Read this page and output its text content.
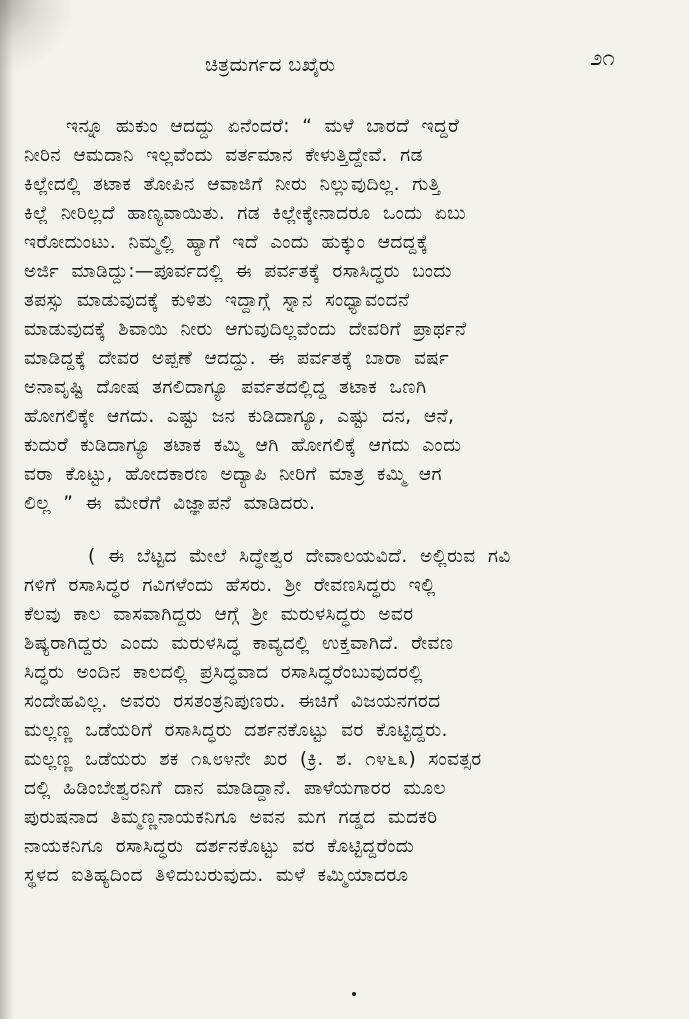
ಚಿತ್ರದುರ್ಗದ ಬಖೈರು	೨೧
ಇನ್ನೂ ಹುಕುಂ ಆದದ್ದು ಏನೆಂದರೆ: “ ಮಳೆ ಬಾರದೆ ಇದ್ದರೆ
ನೀರಿನ ಆಮದಾನಿ ಇಲ್ಲವೆಂದು ವರ್ತಮಾನ ಕೇಳುತ್ತಿದ್ದೇವೆ. ಗಡ
ಕಿಲ್ಲೇದಲ್ಲಿ ತಟಾಕ ತೋಪಿನ ಆವಾಜಿಗೆ ನೀರು ನಿಲ್ಲುವುದಿಲ್ಲ. ಗುತ್ತಿ
ಕಿಲ್ಲೆ ನೀರಿಲ್ಲದೆ ಹಾಣ್ಯವಾಯಿತು. ಗಡ ಕಿಲ್ಲೇಕ್ಕೇನಾದರೂ ಒಂದು ಏಬು
ಇರೋದುಂಟು. ನಿಮ್ಮಲ್ಲಿ ಹ್ಯಾಗೆ ಇದೆ ಎಂದು ಹುಕ್ಕುಂ ಆದದ್ದಕ್ಕೆ
ಅರ್ಜಿ ಮಾಡಿದ್ದು:—ಪೂರ್ವದಲ್ಲಿ ಈ ಪರ್ವತಕ್ಕೆ ರಸಾಸಿದ್ಧರು ಬಂದು
ತಪಸ್ಸು ಮಾಡುವುದಕ್ಕೆ ಕುಳಿತು ಇದ್ದಾಗ್ಗೆ ಸ್ನಾನ ಸಂಧ್ಯಾವಂದನೆ
ಮಾಡುವುದಕ್ಕೆ ಶಿವಾಯಿ ನೀರು ಆಗುವುದಿಲ್ಲವೆಂದು ದೇವರಿಗೆ ಪ್ರಾರ್ಥನೆ
ಮಾಡಿದ್ದಕ್ಕೆ ದೇವರ ಅಪ್ಪಣೆ ಆದದ್ದು. ಈ ಪರ್ವತಕ್ಕೆ ಬಾರಾ ವರ್ಷ
ಅನಾವೃಷ್ಟಿ ದೋಷ ತಗಲಿದಾಗ್ಯೂ ಪರ್ವತದಲ್ಲಿದ್ದ ತಟಾಕ ಒಣಗಿ
ಹೋಗಲಿಕ್ಕೇ ಆಗದು. ಎಷ್ಟು ಜನ ಕುಡಿದಾಗ್ಯೂ, ಎಷ್ಟು ದನ, ಆನೆ,
ಕುದುರೆ ಕುಡಿದಾಗ್ಯೂ ತಟಾಕ ಕಮ್ಮಿ ಆಗಿ ಹೋಗಲಿಕ್ಕೆ ಆಗದು ಎಂದು
ವರಾ ಕೊಟ್ಟು, ಹೋದಕಾರಣ ಅದ್ಯಾಪಿ ನೀರಿಗೆ ಮಾತ್ರ ಕಮ್ಮಿ ಆಗ
ಲಿಲ್ಲ ” ಈ ಮೇರೆಗೆ ವಿಜ್ಞಾಪನೆ ಮಾಡಿದರು.
( ಈ ಬೆಟ್ಟದ ಮೇಲೆ ಸಿದ್ಧೇಶ್ವರ ದೇವಾಲಯವಿದೆ. ಅಲ್ಲಿರುವ ಗವಿ
ಗಳಿಗೆ ರಸಾಸಿದ್ಧರ ಗವಿಗಳೆಂದು ಹೆಸರು. ಶ್ರೀ ರೇವಣಸಿದ್ಧರು ಇಲ್ಲಿ
ಕೆಲವು ಕಾಲ ವಾಸವಾಗಿದ್ದರು ಆಗ್ಗೆ ಶ್ರೀ ಮರುಳಸಿದ್ಧರು ಅವರ
ಶಿಷ್ಯರಾಗಿದ್ದರು ಎಂದು ಮರುಳಸಿದ್ಧ ಕಾವ್ಯದಲ್ಲಿ ಉಕ್ತವಾಗಿದೆ. ರೇವಣ
ಸಿದ್ಧರು ಅಂದಿನ ಕಾಲದಲ್ಲಿ ಪ್ರಸಿದ್ಧವಾದ ರಸಾಸಿದ್ಧರೆಂಬುವುದರಲ್ಲಿ
ಸಂದೇಹವಿಲ್ಲ. ಅವರು ರಸತಂತ್ರನಿಪುಣರು. ಈಚಿಗೆ ವಿಜಯನಗರದ
ಮಲ್ಲಣ್ಣ ಒಡೆಯರಿಗೆ ರಸಾಸಿದ್ಧರು ದರ್ಶನಕೊಟ್ಟು ವರ ಕೊಟ್ಟಿದ್ದರು.
ಮಲ್ಲಣ್ಣ ಒಡೆಯರು ಶಕ ೧೩೮೪ನೇ ಖರ (ಕ್ರಿ. ಶ. ೧೪೬೩) ಸಂವತ್ಸರ
ದಲ್ಲಿ ಹಿಡಿಂಬೇಶ್ವರನಿಗೆ ದಾನ ಮಾಡಿದ್ದಾನೆ. ಪಾಳೆಯಗಾರರ ಮೂಲ
ಪುರುಷನಾದ ತಿಮ್ಮಣ್ಣನಾಯಕನಿಗೂ ಅವನ ಮಗ ಗಡ್ಡದ ಮದಕರಿ
ನಾಯಕನಿಗೂ ರಸಾಸಿದ್ಧರು ದರ್ಶನಕೊಟ್ಟು ವರ ಕೊಟ್ಟಿದ್ದರೆಂದು
ಸ್ಥಳದ ಐತಿಹ್ಯದಿಂದ ತಿಳಿದುಬರುವುದು. ಮಳೆ ಕಮ್ಮಿಯಾದರೂ
